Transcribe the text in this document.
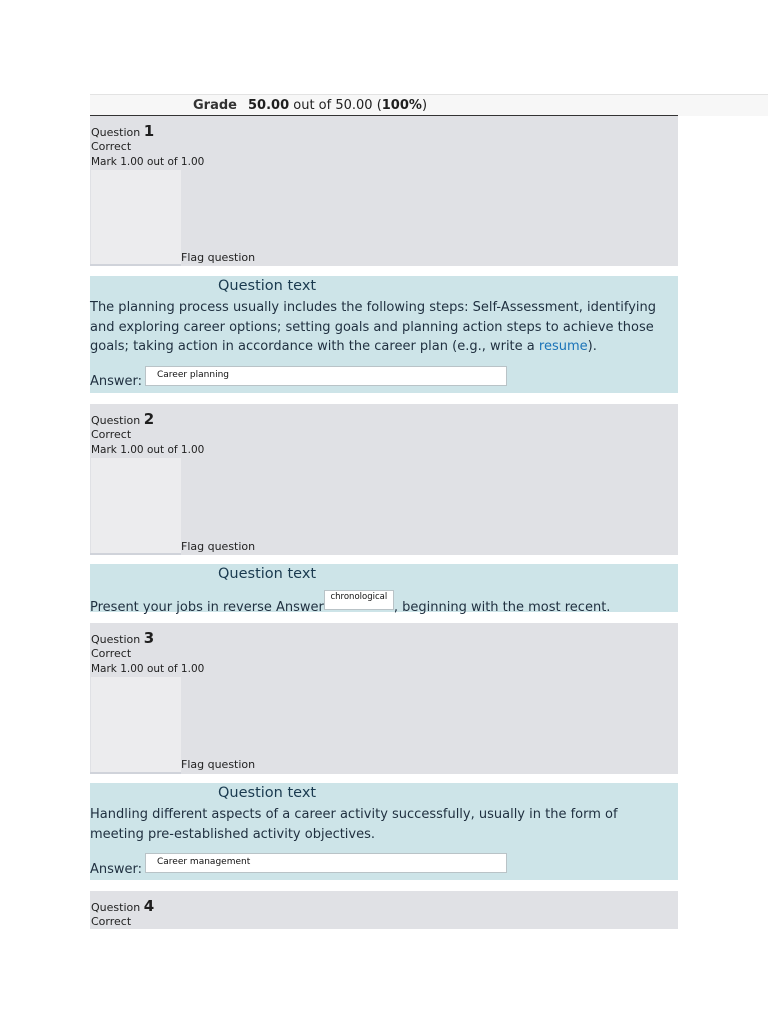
Grade 50.00 out of 50.00 (100%)
Question 1
Correct
Mark 1.00 out of 1.00
Flag question
Question text
The planning process usually includes the following steps: Self-Assessment, identifying and exploring career options; setting goals and planning action steps to achieve those goals; taking action in accordance with the career plan (e.g., write a resume).
Answer:	Career planning
Question 2
Correct
Mark 1.00 out of 1.00
Flag question
Question text
Present your jobs in reverse Answerchronological, beginning with the most recent.
Question 3
Correct
Mark 1.00 out of 1.00
Flag question
Question text
Handling different aspects of a career activity successfully, usually in the form of meeting pre-established activity objectives.
Answer:	Career management
Question 4
Correct
